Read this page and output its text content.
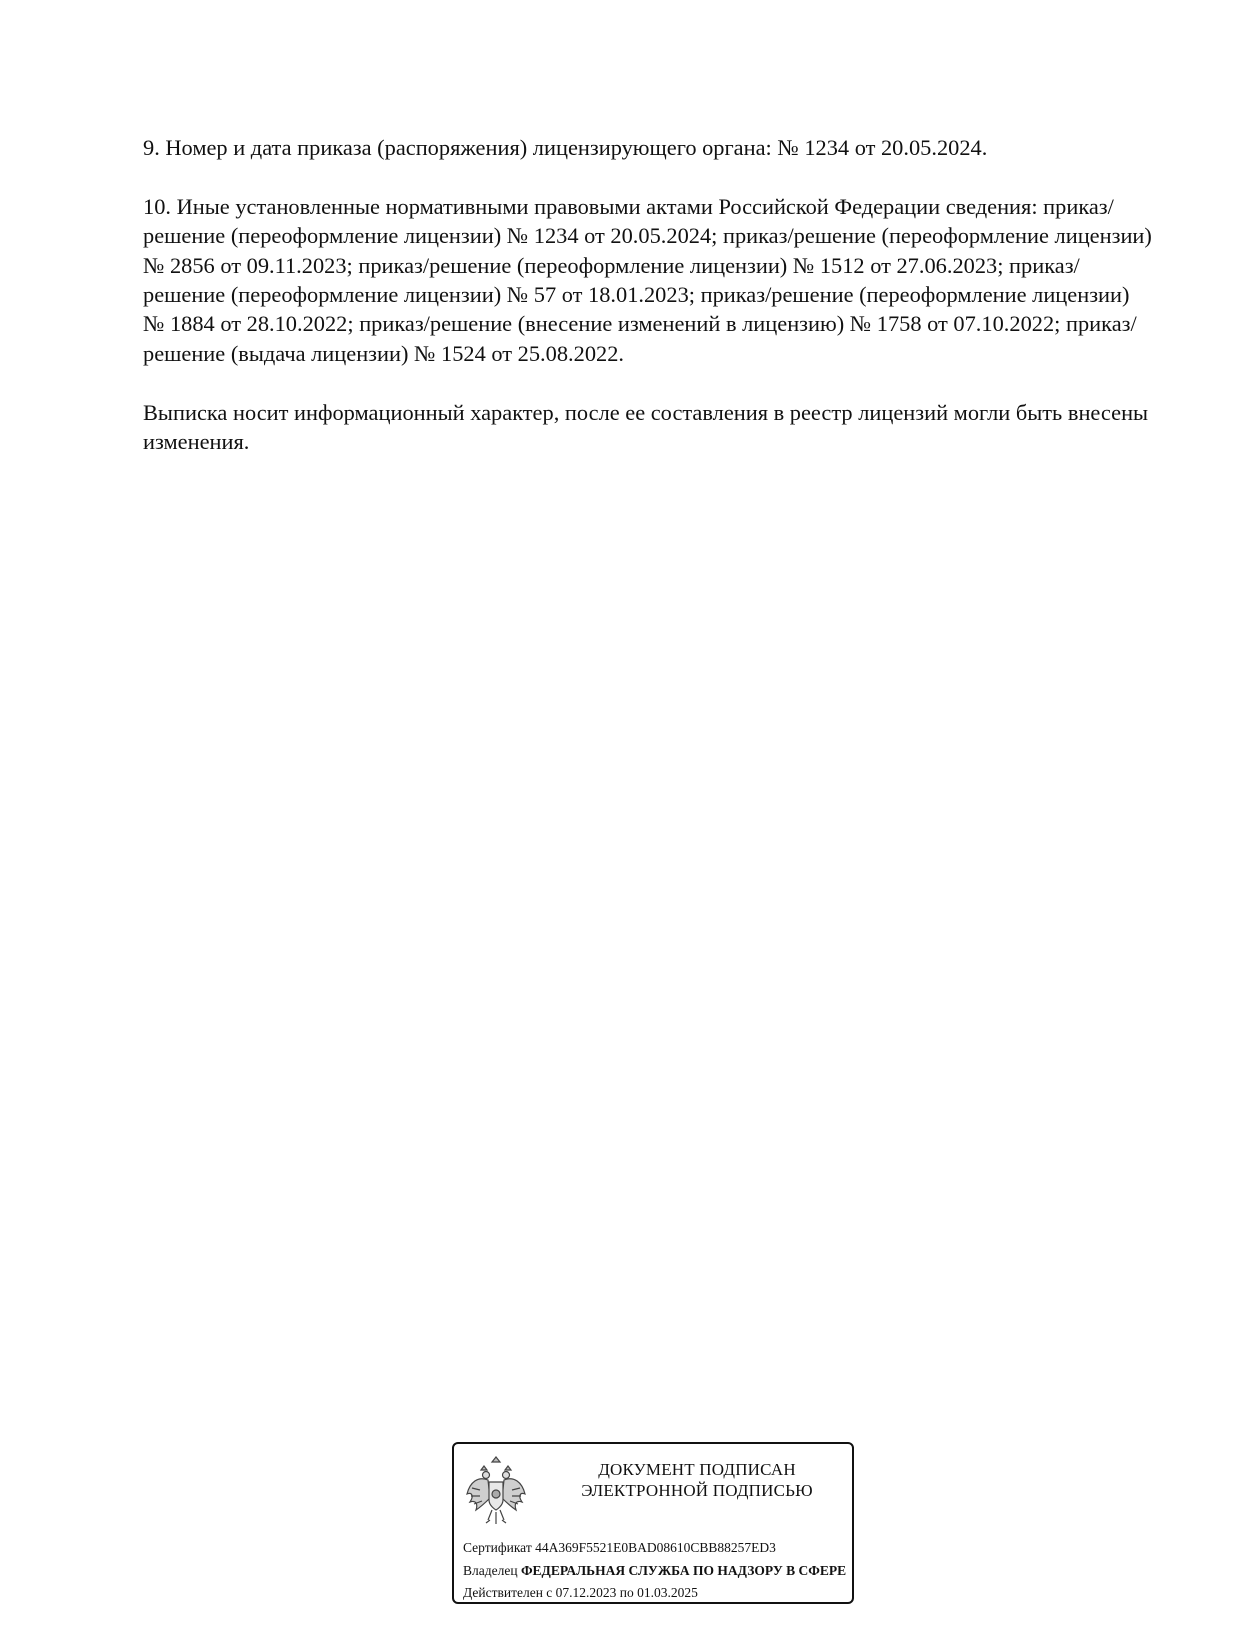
9. Номер и дата приказа (распоряжения) лицензирующего органа: № 1234 от 20.05.2024.

10. Иные установленные нормативными правовыми актами Российской Федерации сведения: приказ/решение (переоформление лицензии) № 1234 от 20.05.2024; приказ/решение (переоформление лицензии) № 2856 от 09.11.2023; приказ/решение (переоформление лицензии) № 1512 от 27.06.2023; приказ/решение (переоформление лицензии) № 57 от 18.01.2023; приказ/решение (переоформление лицензии) № 1884 от 28.10.2022; приказ/решение (внесение изменений в лицензию) № 1758 от 07.10.2022; приказ/решение (выдача лицензии) № 1524 от 25.08.2022.

Выписка носит информационный характер, после ее составления в реестр лицензий могли быть внесены изменения.

ДОКУМЕНТ ПОДПИСАН
ЭЛЕКТРОННОЙ ПОДПИСЬЮ
Сертификат 44A369F5521E0BAD08610CBB88257ED3
Владелец ФЕДЕРАЛЬНАЯ СЛУЖБА ПО НАДЗОРУ В СФЕРЕ
Действителен с 07.12.2023 по 01.03.2025
